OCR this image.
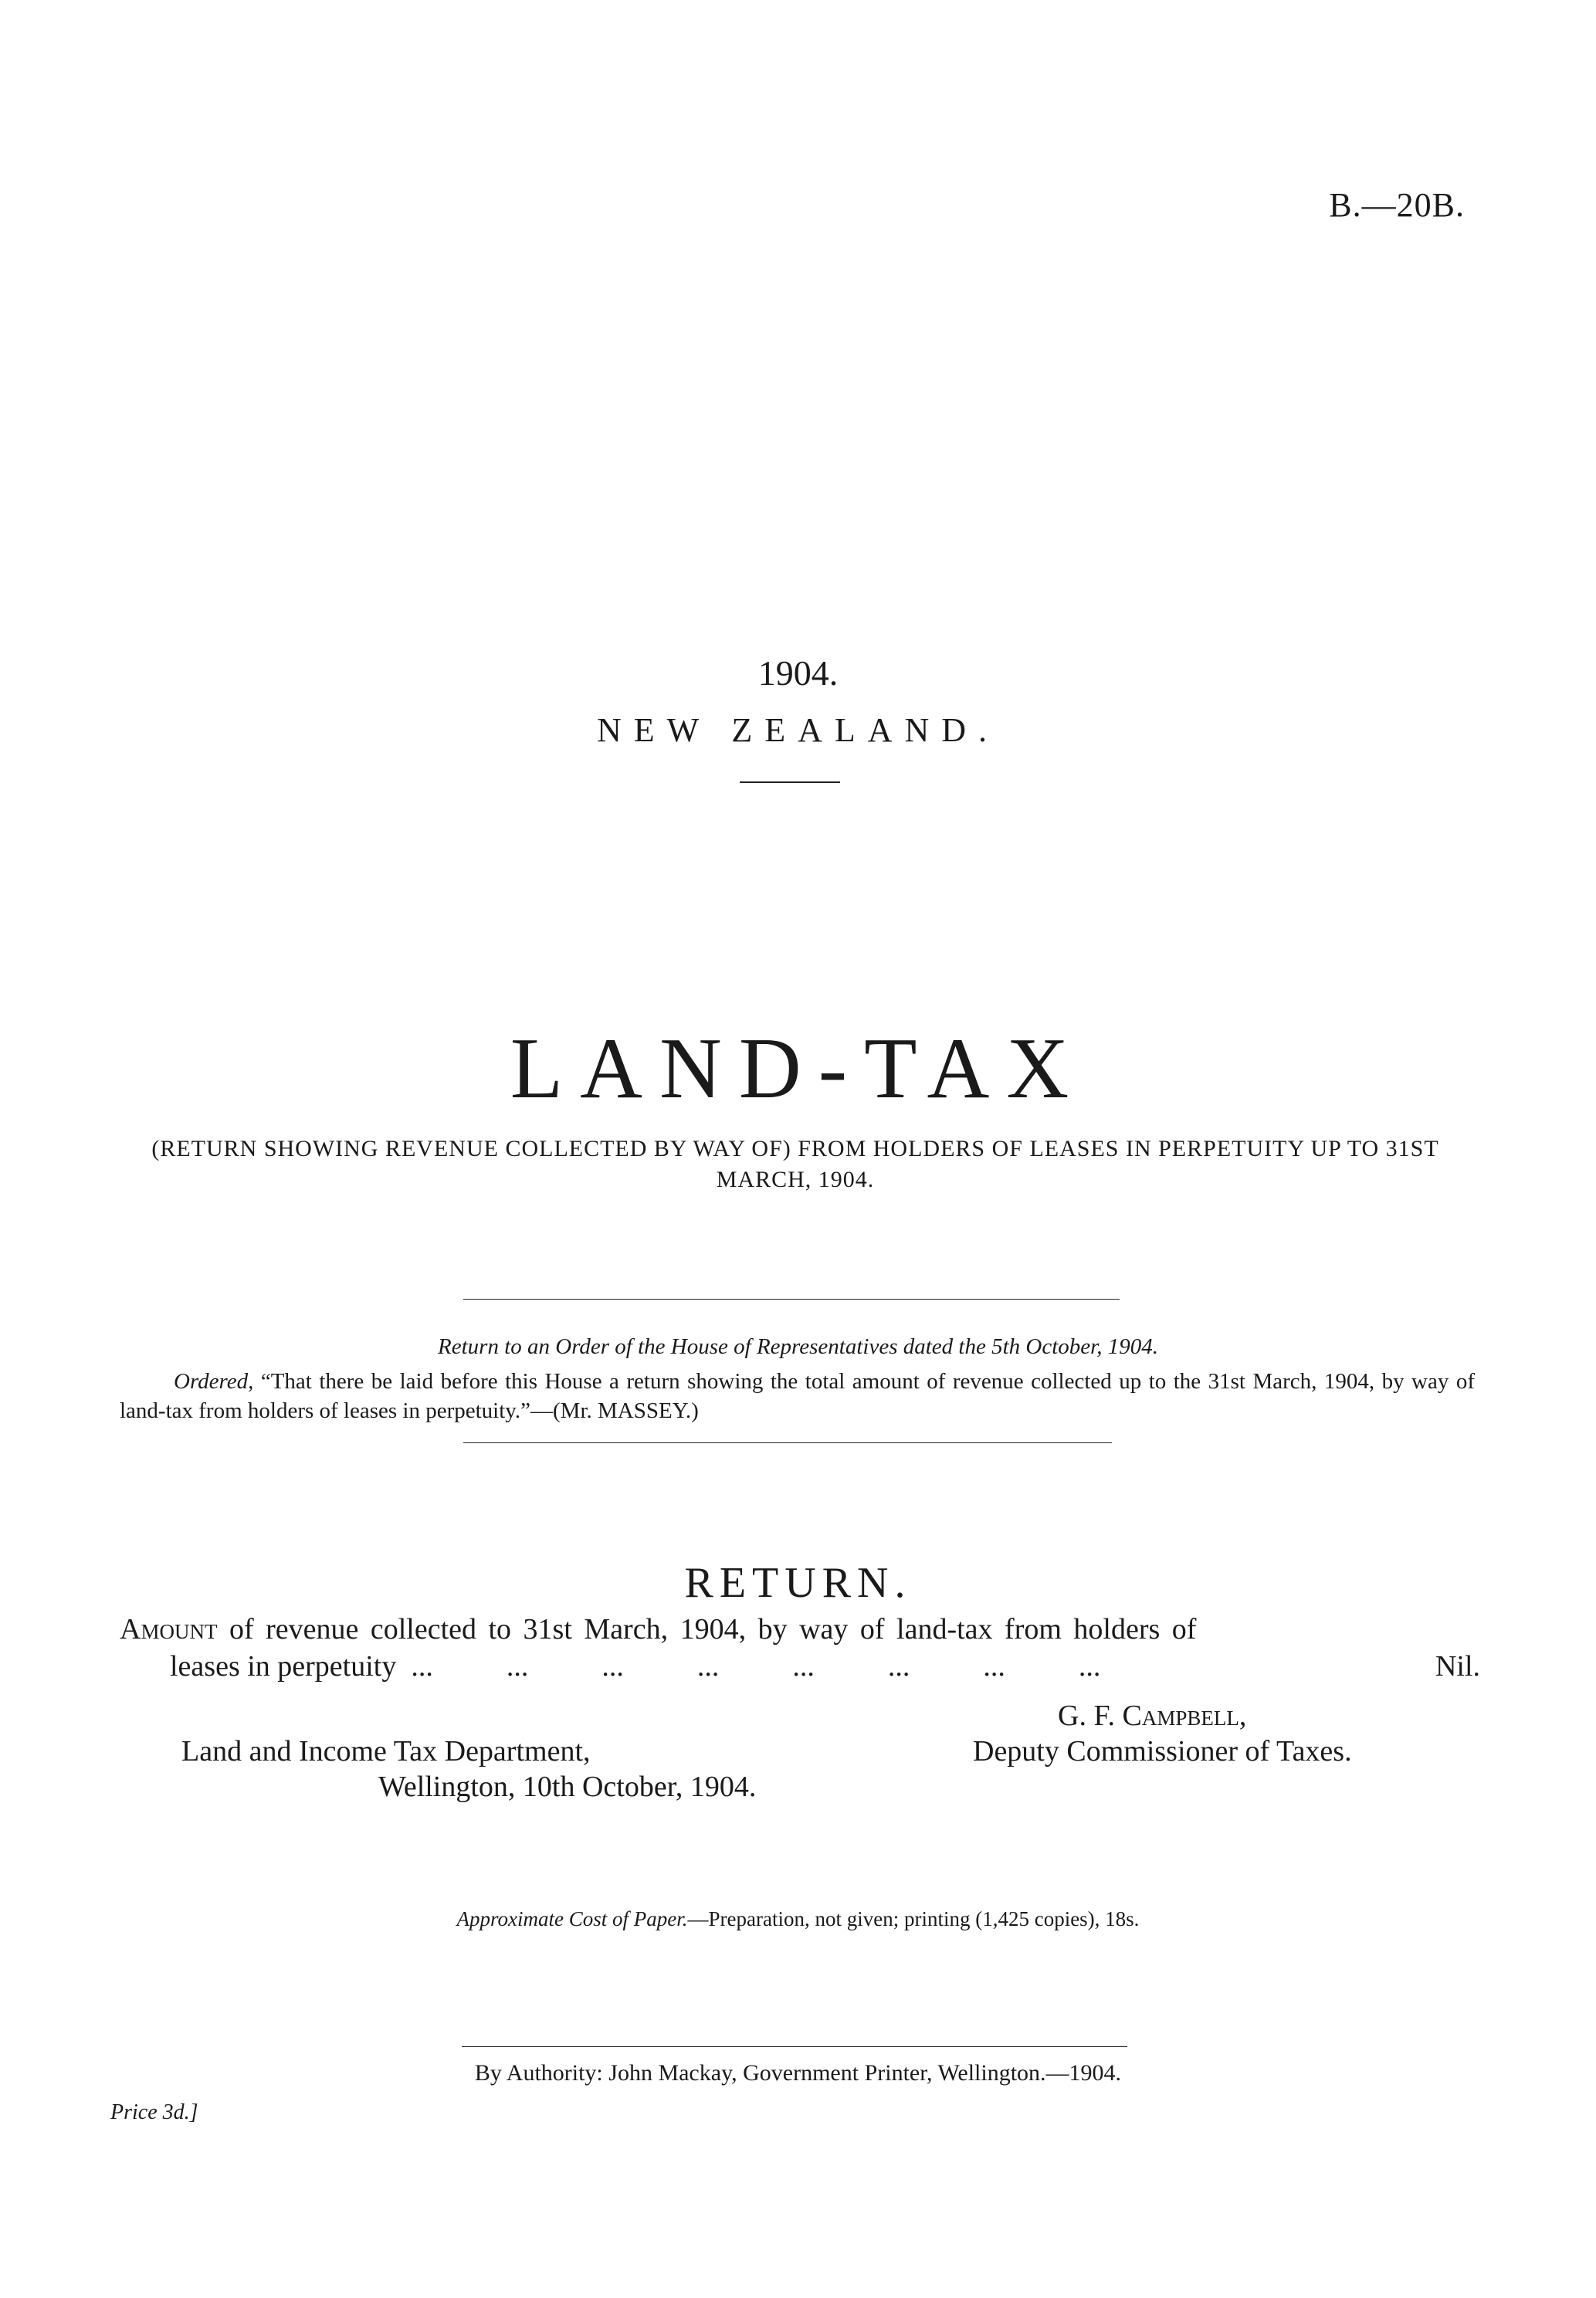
B.—20B.
1904.
NEW ZEALAND.
LAND-TAX
(RETURN SHOWING REVENUE COLLECTED BY WAY OF) FROM HOLDERS OF LEASES IN PERPETUITY UP TO 31ST MARCH, 1904.
Return to an Order of the House of Representatives dated the 5th October, 1904.
Ordered, “That there be laid before this House a return showing the total amount of revenue collected up to the 31st March, 1904, by way of land-tax from holders of leases in perpetuity.”—(Mr. MASSEY.)
RETURN.
Amount of revenue collected to 31st March, 1904, by way of land-tax from holders of
leases in perpetuity  ...          ...          ...          ...          ...          ...          ...          ...	Nil.
G. F. Campbell,
Deputy Commissioner of Taxes.
Land and Income Tax Department,
Wellington, 10th October, 1904.
Approximate Cost of Paper.—Preparation, not given; printing (1,425 copies), 18s.
By Authority: John Mackay, Government Printer, Wellington.—1904.
Price 3d.]
